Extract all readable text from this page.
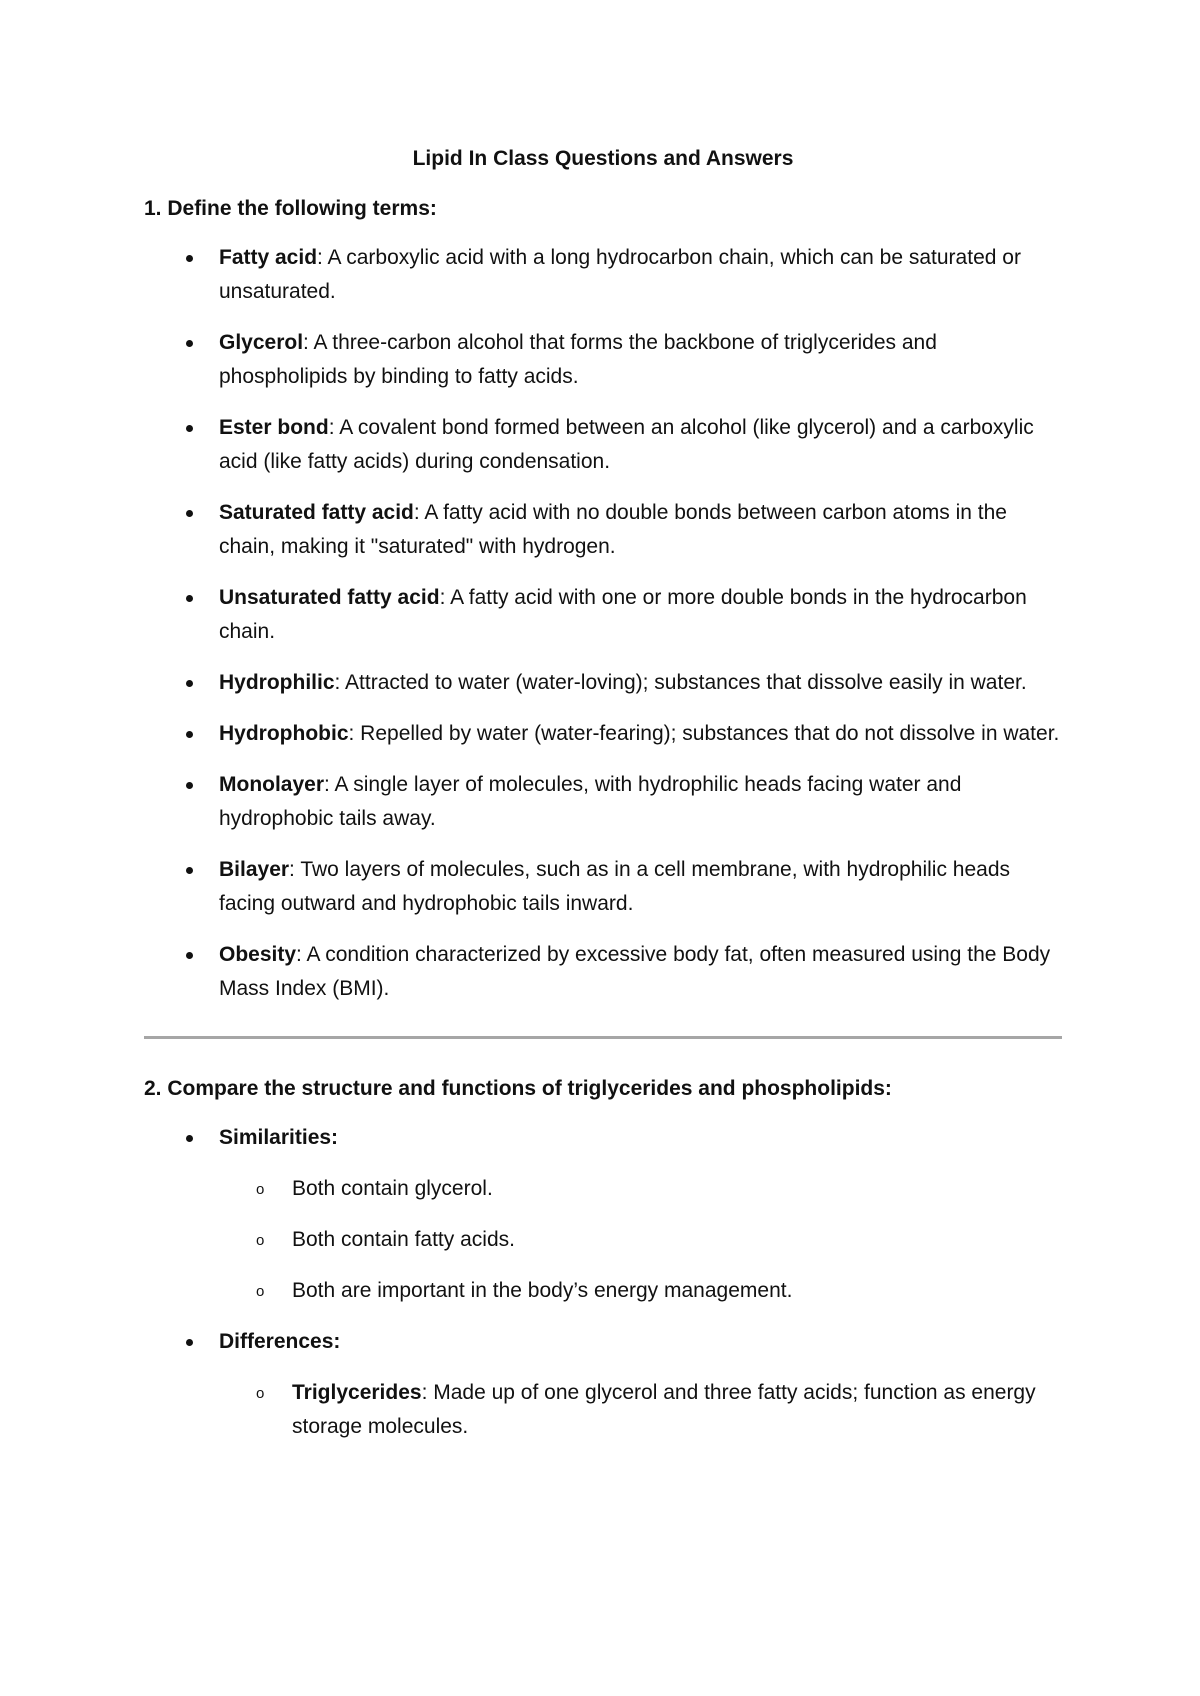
Lipid In Class Questions and Answers
1. Define the following terms:
Fatty acid: A carboxylic acid with a long hydrocarbon chain, which can be saturated or unsaturated.
Glycerol: A three-carbon alcohol that forms the backbone of triglycerides and phospholipids by binding to fatty acids.
Ester bond: A covalent bond formed between an alcohol (like glycerol) and a carboxylic acid (like fatty acids) during condensation.
Saturated fatty acid: A fatty acid with no double bonds between carbon atoms in the chain, making it "saturated" with hydrogen.
Unsaturated fatty acid: A fatty acid with one or more double bonds in the hydrocarbon chain.
Hydrophilic: Attracted to water (water-loving); substances that dissolve easily in water.
Hydrophobic: Repelled by water (water-fearing); substances that do not dissolve in water.
Monolayer: A single layer of molecules, with hydrophilic heads facing water and hydrophobic tails away.
Bilayer: Two layers of molecules, such as in a cell membrane, with hydrophilic heads facing outward and hydrophobic tails inward.
Obesity: A condition characterized by excessive body fat, often measured using the Body Mass Index (BMI).
2. Compare the structure and functions of triglycerides and phospholipids:
Similarities:
o Both contain glycerol.
o Both contain fatty acids.
o Both are important in the body’s energy management.
Differences:
o Triglycerides: Made up of one glycerol and three fatty acids; function as energy storage molecules.
